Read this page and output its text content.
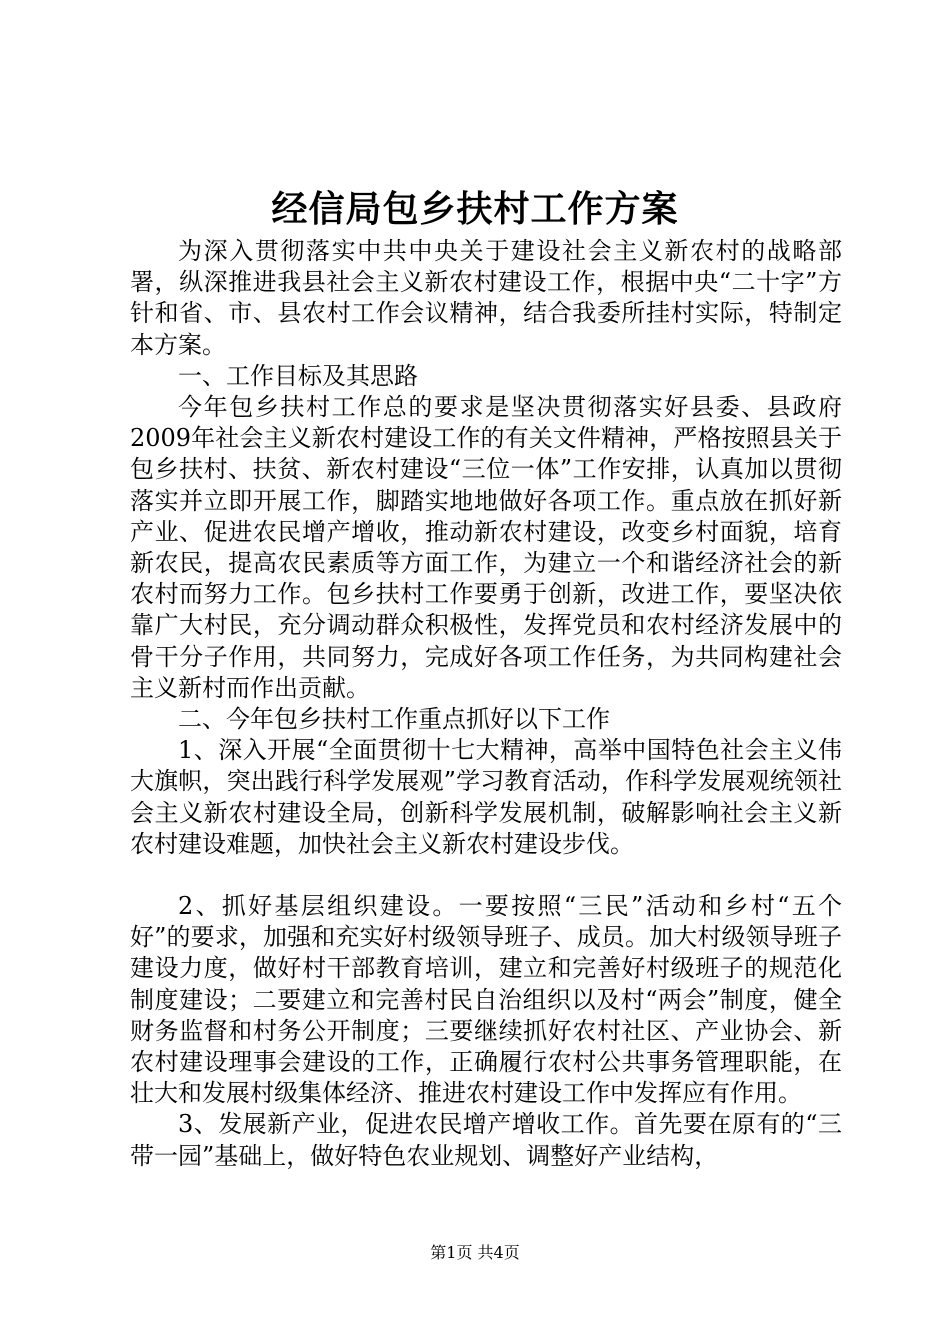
经信局包乡扶村工作方案

为深入贯彻落实中共中央关于建设社会主义新农村的战略部署，纵深推进我县社会主义新农村建设工作，根据中央“二十字”方针和省、市、县农村工作会议精神，结合我委所挂村实际，特制定本方案。

一、工作目标及其思路

今年包乡扶村工作总的要求是坚决贯彻落实好县委、县政府2009年社会主义新农村建设工作的有关文件精神，严格按照县关于包乡扶村、扶贫、新农村建设“三位一体”工作安排，认真加以贯彻落实并立即开展工作，脚踏实地地做好各项工作。重点放在抓好新产业、促进农民增产增收，推动新农村建设，改变乡村面貌，培育新农民，提高农民素质等方面工作，为建立一个和谐经济社会的新农村而努力工作。包乡扶村工作要勇于创新，改进工作，要坚决依靠广大村民，充分调动群众积极性，发挥党员和农村经济发展中的骨干分子作用，共同努力，完成好各项工作任务，为共同构建社会主义新村而作出贡献。

二、今年包乡扶村工作重点抓好以下工作

1、深入开展“全面贯彻十七大精神，高举中国特色社会主义伟大旗帜，突出践行科学发展观”学习教育活动，作科学发展观统领社会主义新农村建设全局，创新科学发展机制，破解影响社会主义新农村建设难题，加快社会主义新农村建设步伐。

2、抓好基层组织建设。一要按照“三民”活动和乡村“五个好”的要求，加强和充实好村级领导班子、成员。加大村级领导班子建设力度，做好村干部教育培训，建立和完善好村级班子的规范化制度建设；二要建立和完善村民自治组织以及村“两会”制度，健全财务监督和村务公开制度；三要继续抓好农村社区、产业协会、新农村建设理事会建设的工作，正确履行农村公共事务管理职能，在壮大和发展村级集体经济、推进农村建设工作中发挥应有作用。

3、发展新产业，促进农民增产增收工作。首先要在原有的“三带一园”基础上，做好特色农业规划、调整好产业结构，

第1页 共4页
